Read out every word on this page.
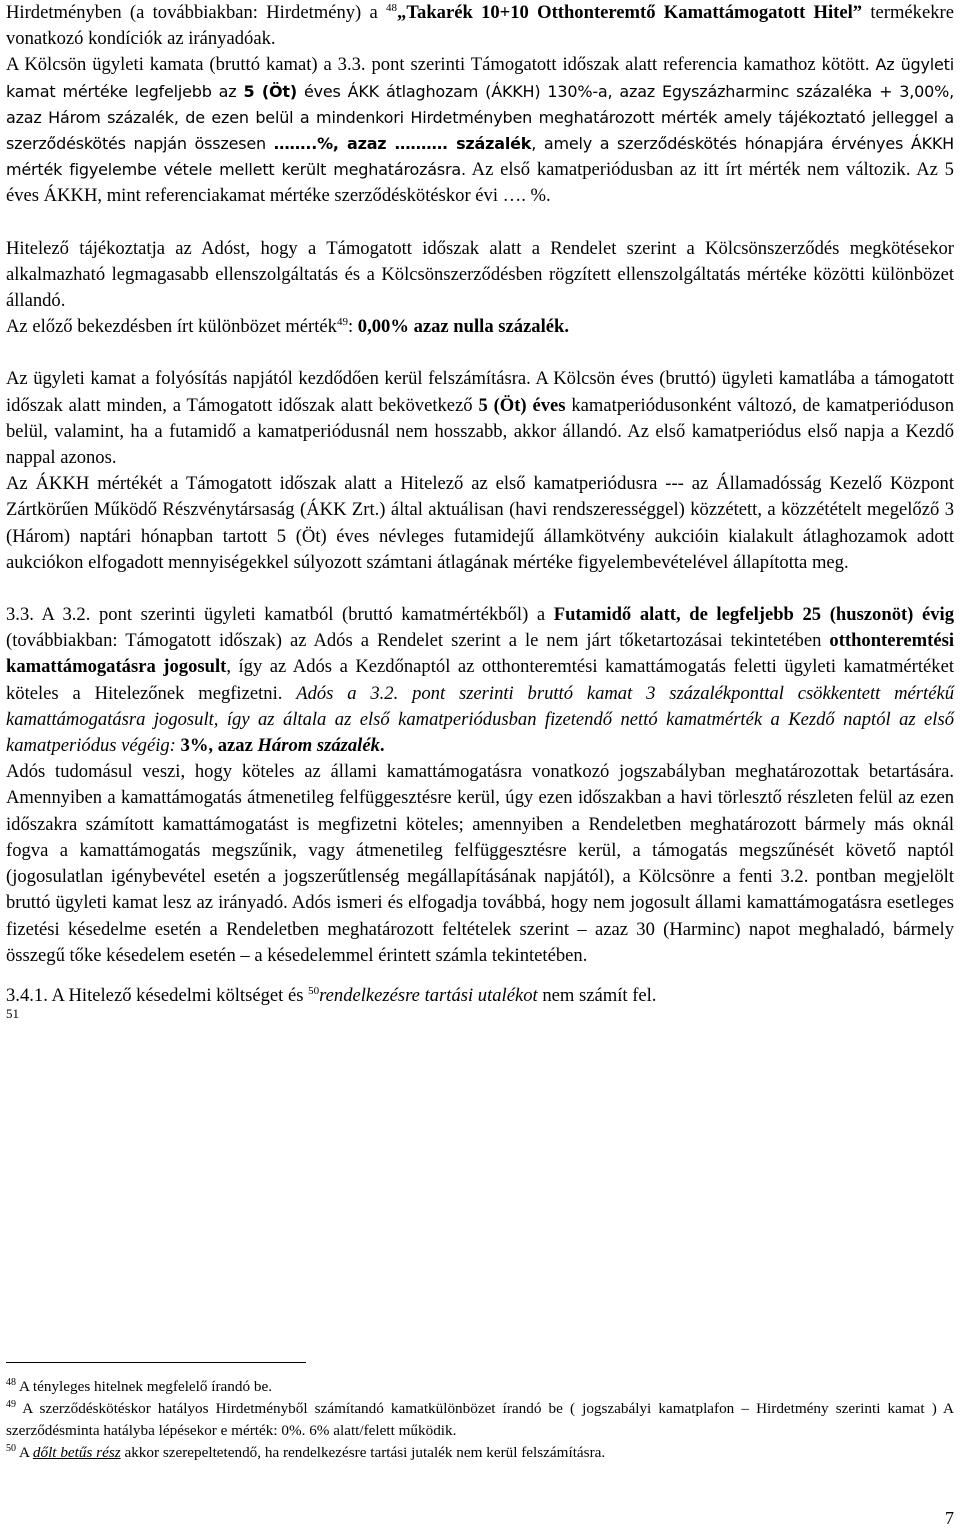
Hirdetményben (a továbbiakban: Hirdetmény) a $^{48}$„Takarék 10+10 Otthonteremtő Kamattámogatott Hitel” termékekre vonatkozó kondíciók az irányadóak.

A Kölcsön ügyleti kamata (bruttó kamat) a 3.3. pont szerinti Támogatott időszak alatt referencia kamathoz kötött. Az ügyleti kamat mértéke legfeljebb az 5 (Öt) éves ÁKK átlaghozam (ÁKKH) 130%-a, azaz Egyszázharminc százaléka + 3,00%, azaz Három százalék, de ezen belül a mindenkori Hirdetményben meghatározott mérték amely tájékoztató jelleggel a szerződéskötés napján összesen ……..%, azaz ………. százalék, amely a szerződéskötés hónapjára érvényes ÁKKH mérték figyelembe vétele mellett került meghatározásra. Az első kamatperiódusban az itt írt mérték nem változik. Az 5 éves ÁKKH, mint referenciakamat mértéke szerződéskötéskor évi …. %.

Hitelező tájékoztatja az Adóst, hogy a Támogatott időszak alatt a Rendelet szerint a Kölcsönszerződés megkötésekor alkalmazható legmagasabb ellenszolgáltatás és a Kölcsönszerződésben rögzített ellenszolgáltatás mértéke közötti különbözet állandó.

Az előző bekezdésben írt különbözet mérték$^{49}$: 0,00% azaz nulla százalék.

Az ügyleti kamat a folyósítás napjától kezdődően kerül felszámításra. A Kölcsön éves (bruttó) ügyleti kamatlába a támogatott időszak alatt minden, a Támogatott időszak alatt bekövetkező 5 (Öt) éves kamatperiódusonként változó, de kamatperióduson belül, valamint, ha a futamidő a kamatperiódusnál nem hosszabb, akkor állandó. Az első kamatperiódus első napja a Kezdő nappal azonos.

Az ÁKKH mértékét a Támogatott időszak alatt a Hitelező az első kamatperiódusra --- az Államadósság Kezelő Központ Zártkörűen Működő Részvénytársaság (ÁKK Zrt.) által aktuálisan (havi rendszerességgel) közzétett, a közzétételt megelőző 3 (Három) naptári hónapban tartott 5 (Öt) éves névleges futamidejű államkötvény aukcióin kialakult átlaghozamok adott aukciókon elfogadott mennyiségekkel súlyozott számtani átlagának mértéke figyelembevételével állapította meg.

3.3. A 3.2. pont szerinti ügyleti kamatból (bruttó kamatmértékből) a Futamidő alatt, de legfeljebb 25 (huszonöt) évig (továbbiakban: Támogatott időszak) az Adós a Rendelet szerint a le nem járt tőketartozásai tekintetében otthonteremtési kamattámogatásra jogosult, így az Adós a Kezdőnaptól az otthonteremtési kamattámogatás feletti ügyleti kamatmértéket köteles a Hitelezőnek megfizetni. Adós a 3.2. pont szerinti bruttó kamat 3 százalékponttal csökkentett mértékű kamattámogatásra jogosult, így az általa az első kamatperiódusban fizetendő nettó kamatmérték a Kezdő naptól az első kamatperiódus végéig: 3%, azaz Három százalék.

Adós tudomásul veszi, hogy köteles az állami kamattámogatásra vonatkozó jogszabályban meghatározottak betartására. Amennyiben a kamattámogatás átmenetileg felfüggesztésre kerül, úgy ezen időszakban a havi törlesztő részleten felül az ezen időszakra számított kamattámogatást is megfizetni köteles; amennyiben a Rendeletben meghatározott bármely más oknál fogva a kamattámogatás megszűnik, vagy átmenetileg felfüggesztésre kerül, a támogatás megszűnését követő naptól (jogosulatlan igénybevétel esetén a jogszerűtlenség megállapításának napjától), a Kölcsönre a fenti 3.2. pontban megjelölt bruttó ügyleti kamat lesz az irányadó. Adós ismeri és elfogadja továbbá, hogy nem jogosult állami kamattámogatásra esetleges fizetési késedelme esetén a Rendeletben meghatározott feltételek szerint – azaz 30 (Harminc) napot meghaladó, bármely összegű tőke késedelem esetén – a késedelemmel érintett számla tekintetében.

3.4.1. A Hitelező késedelmi költséget és $^{50}$rendelkezésre tartási utalékot nem számít fel.

51

$^{48}$ A tényleges hitelnek megfelelő írandó be.

$^{49}$ A szerződéskötéskor hatályos Hirdetményből számítandó kamatkülönbözet írandó be ( jogszabályi kamatplafon – Hirdetmény szerinti kamat ) A szerződésminta hatályba lépésekor e mérték: 0%. 6% alatt/felett működik.

$^{50}$ A dőlt betűs rész akkor szerepeltetendő, ha rendelkezésre tartási jutalék nem kerül felszámításra.

7
